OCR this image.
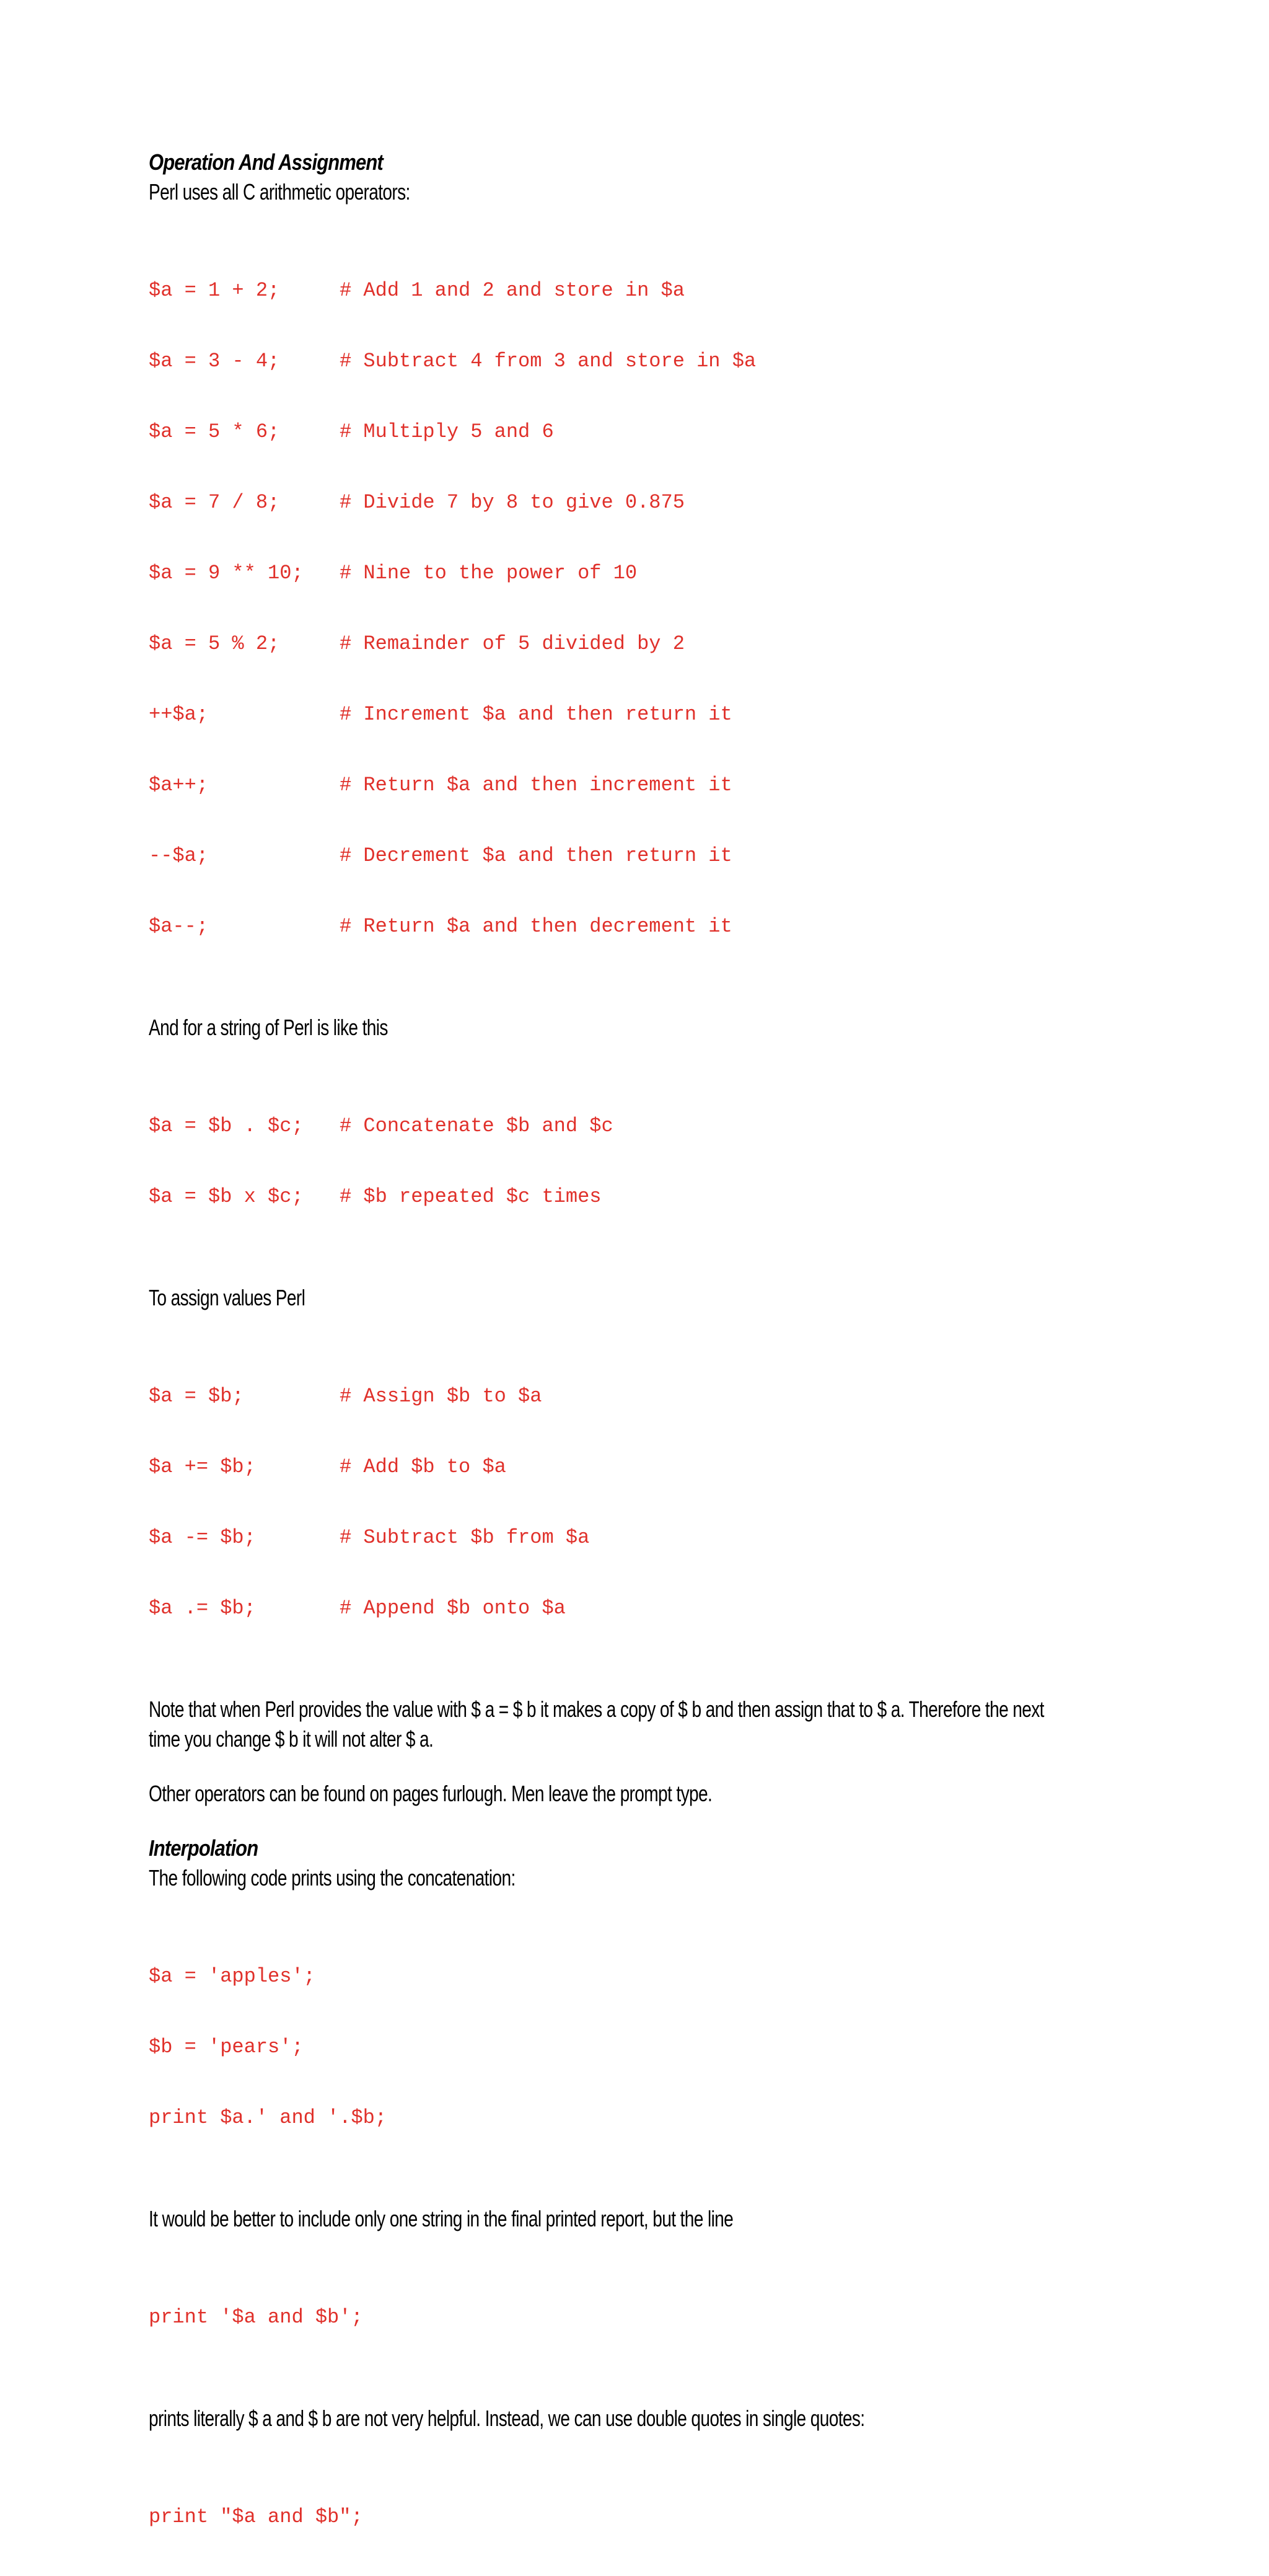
Operation And Assignment
Perl uses all C arithmetic operators:

$a = 1 + 2;	# Add 1 and 2 and store in $a

$a = 3 - 4;	# Subtract 4 from 3 and store in $a

$a = 5 * 6;	# Multiply 5 and 6

$a = 7 / 8;	# Divide 7 by 8 to give 0.875

$a = 9 ** 10; # Nine to the power of 10

$a = 5 % 2;	# Remainder of 5 divided by 2

++$a;	# Increment $a and then return it

$a++;	# Return $a and then increment it

--$a;	# Decrement $a and then return it

$a--;	# Return $a and then decrement it

And for a string of Perl is like this

$a = $b . $c; # Concatenate $b and $c

$a = $b x $c; # $b repeated $c times

To assign values Perl

$a = $b;	# Assign $b to $a

$a += $b;	# Add $b to $a

$a -= $b;	# Subtract $b from $a

$a .= $b;	# Append $b onto $a

Note that when Perl provides the value with $ a = $ b it makes a copy of $ b and then assign that to $ a. Therefore the next
time you change $ b it will not alter $ a.
Other operators can be found on pages furlough. Men leave the prompt type.
Interpolation
The following code prints using the concatenation:

$a = 'apples';

$b = 'pears';

print $a.' and '.$b;

It would be better to include only one string in the final printed report, but the line

print '$a and $b';

prints literally $ a and $ b are not very helpful. Instead, we can use double quotes in single quotes:

print "$a and $b";
